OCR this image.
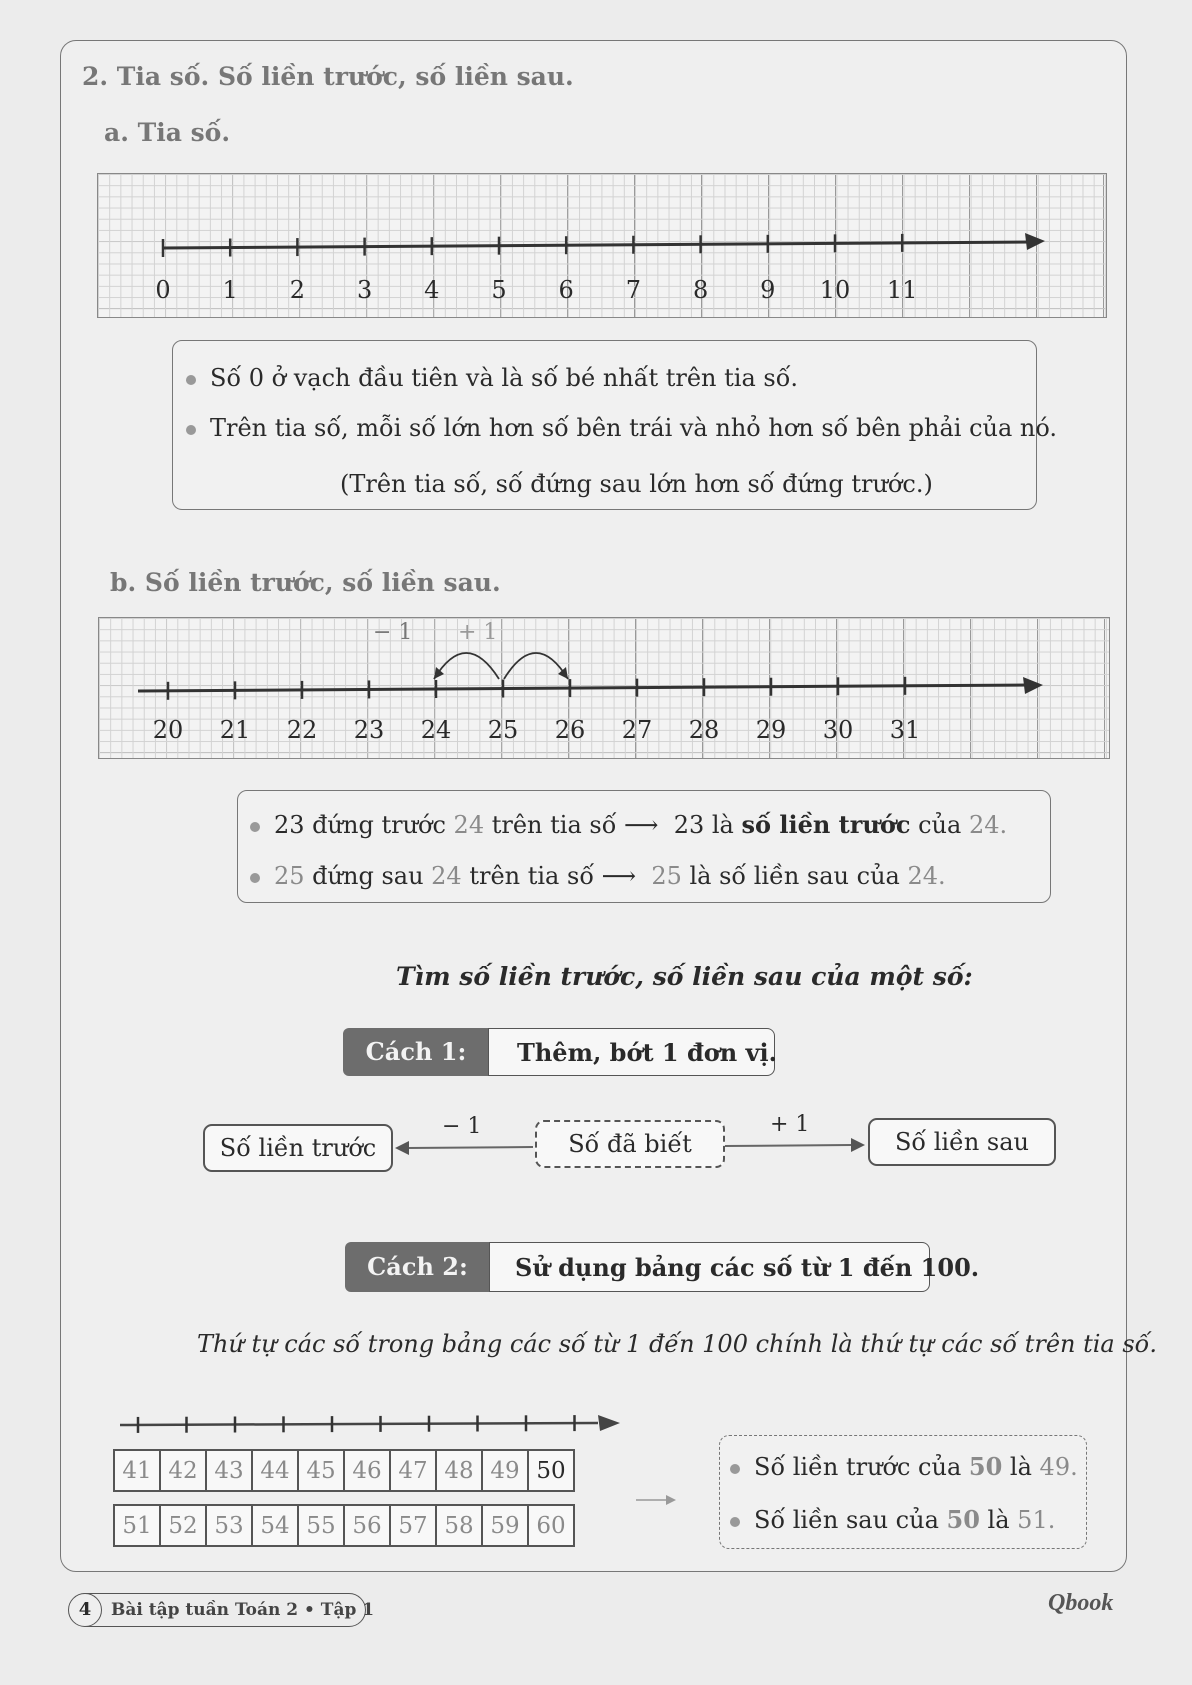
2. Tia số. Số liền trước, số liền sau.
a. Tia số.
0 1 2 3 4 5 6 7 8 9 10 11
Số 0 ở vạch đầu tiên và là số bé nhất trên tia số.
Trên tia số, mỗi số lớn hơn số bên trái và nhỏ hơn số bên phải của nó.
(Trên tia số, số đứng sau lớn hơn số đứng trước.)
b. Số liền trước, số liền sau.
− 1 + 1
20 21 22 23 24 25 26 27 28 29 30 31
23 đứng trước 24 trên tia số ⟶ 23 là số liền trước của 24.
25 đứng sau 24 trên tia số ⟶ 25 là số liền sau của 24.
Tìm số liền trước, số liền sau của một số:
Cách 1:	Thêm, bớt 1 đơn vị.
Số liền trước	Số đã biết	Số liền sau
− 1	+ 1
Cách 2:	Sử dụng bảng các số từ 1 đến 100.
Thứ tự các số trong bảng các số từ 1 đến 100 chính là thứ tự các số trên tia số.
41	42	43	44	45	46	47	48	49	50
51	52	53	54	55	56	57	58	59	60
Số liền trước của 50 là 49.
Số liền sau của 50 là 51.
Bài tập tuần Toán 2 • Tập 1
4	Qbook
